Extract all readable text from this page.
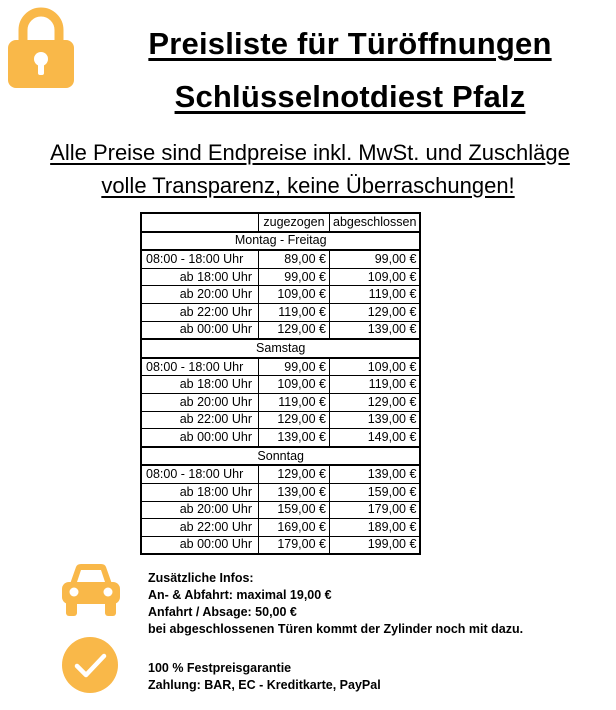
Preisliste für Türöffnungen
Schlüsselnotdiest Pfalz
Alle Preise sind Endpreise inkl. MwSt. und Zuschläge
volle Transparenz, keine Überraschungen!
	zugezogen	abgeschlossen
Montag - Freitag		
08:00 - 18:00 Uhr	89,00 €	99,00 €
ab 18:00 Uhr	99,00 €	109,00 €
ab 20:00 Uhr	109,00 €	119,00 €
ab 22:00 Uhr	119,00 €	129,00 €
ab 00:00 Uhr	129,00 €	139,00 €
Samstag		
08:00 - 18:00 Uhr	99,00 €	109,00 €
ab 18:00 Uhr	109,00 €	119,00 €
ab 20:00 Uhr	119,00 €	129,00 €
ab 22:00 Uhr	129,00 €	139,00 €
ab 00:00 Uhr	139,00 €	149,00 €
Sonntag		
08:00 - 18:00 Uhr	129,00 €	139,00 €
ab 18:00 Uhr	139,00 €	159,00 €
ab 20:00 Uhr	159,00 €	179,00 €
ab 22:00 Uhr	169,00 €	189,00 €
ab 00:00 Uhr	179,00 €	199,00 €
Zusätzliche Infos:
An- & Abfahrt: maximal 19,00 €
Anfahrt / Absage: 50,00 €
bei abgeschlossenen Türen kommt der Zylinder noch mit dazu.
100 % Festpreisgarantie
Zahlung: BAR, EC - Kreditkarte, PayPal
